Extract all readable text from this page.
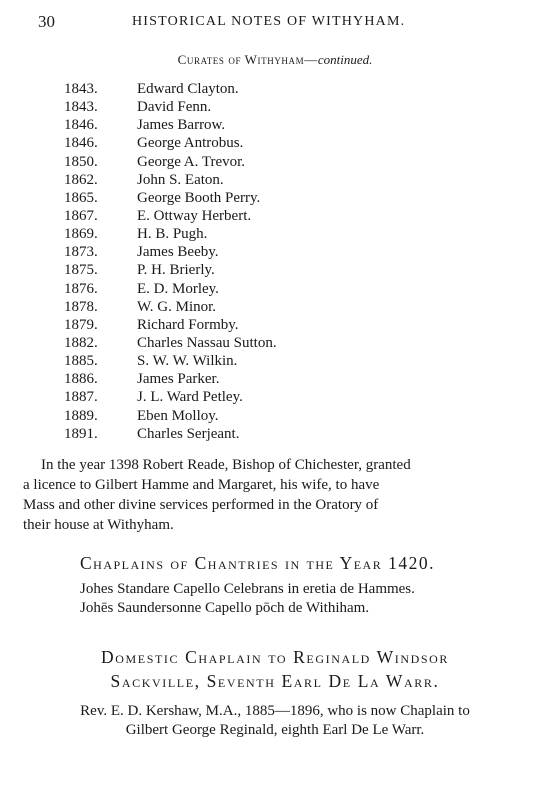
30	HISTORICAL NOTES OF WITHYHAM.
Curates of Withyham—continued.
1843.	Edward Clayton.
1843.	David Fenn.
1846.	James Barrow.
1846.	George Antrobus.
1850.	George A. Trevor.
1862.	John S. Eaton.
1865.	George Booth Perry.
1867.	E. Ottway Herbert.
1869.	H. B. Pugh.
1873.	James Beeby.
1875.	P. H. Brierly.
1876.	E. D. Morley.
1878.	W. G. Minor.
1879.	Richard Formby.
1882.	Charles Nassau Sutton.
1885.	S. W. W. Wilkin.
1886.	James Parker.
1887.	J. L. Ward Petley.
1889.	Eben Molloy.
1891.	Charles Serjeant.
In the year 1398 Robert Reade, Bishop of Chichester, granted
a licence to Gilbert Hamme and Margaret, his wife, to have
Mass and other divine services performed in the Oratory of
their house at Withyham.
Chaplains of Chantries in the Year 1420.
Johes Standare Capello Celebrans in eretia de Hammes.
Johēs Saundersonne Capello pōch de Withiham.
Domestic Chaplain to Reginald Windsor
Sackville, Seventh Earl De La Warr.
Rev. E. D. Kershaw, M.A., 1885—1896, who is now Chaplain to
Gilbert George Reginald, eighth Earl De Le Warr.
